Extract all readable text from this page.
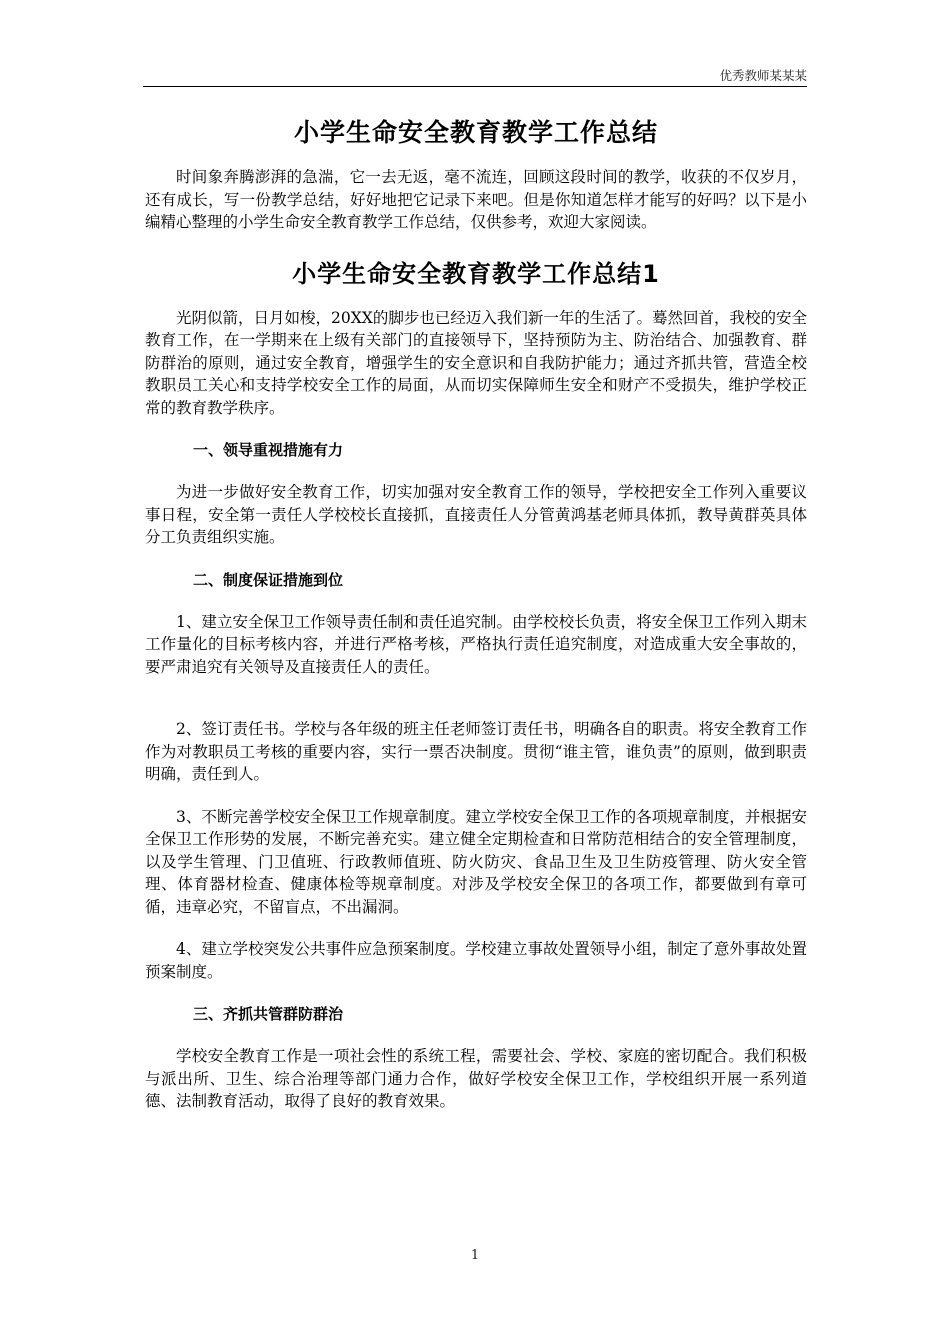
优秀教师某某某
小学生命安全教育教学工作总结

时间象奔腾澎湃的急湍，它一去无返，毫不流连，回顾这段时间的教学，收获的不仅岁月，还有成长，写一份教学总结，好好地把它记录下来吧。但是你知道怎样才能写的好吗？以下是小编精心整理的小学生命安全教育教学工作总结，仅供参考，欢迎大家阅读。

小学生命安全教育教学工作总结1

光阴似箭，日月如梭，20XX的脚步也已经迈入我们新一年的生活了。蓦然回首，我校的安全教育工作，在一学期来在上级有关部门的直接领导下，坚持预防为主、防治结合、加强教育、群防群治的原则，通过安全教育，增强学生的安全意识和自我防护能力；通过齐抓共管，营造全校教职员工关心和支持学校安全工作的局面，从而切实保障师生安全和财产不受损失，维护学校正常的教育教学秩序。

一、领导重视措施有力

为进一步做好安全教育工作，切实加强对安全教育工作的领导，学校把安全工作列入重要议事日程，安全第一责任人学校校长直接抓，直接责任人分管黄鸿基老师具体抓，教导黄群英具体分工负责组织实施。

二、制度保证措施到位

1、建立安全保卫工作领导责任制和责任追究制。由学校校长负责，将安全保卫工作列入期末工作量化的目标考核内容，并进行严格考核，严格执行责任追究制度，对造成重大安全事故的，要严肃追究有关领导及直接责任人的责任。

2、签订责任书。学校与各年级的班主任老师签订责任书，明确各自的职责。将安全教育工作作为对教职员工考核的重要内容，实行一票否决制度。贯彻“谁主管，谁负责”的原则，做到职责明确，责任到人。

3、不断完善学校安全保卫工作规章制度。建立学校安全保卫工作的各项规章制度，并根据安全保卫工作形势的发展，不断完善充实。建立健全定期检查和日常防范相结合的安全管理制度，以及学生管理、门卫值班、行政教师值班、防火防灾、食品卫生及卫生防疫管理、防火安全管理、体育器材检查、健康体检等规章制度。对涉及学校安全保卫的各项工作，都要做到有章可循，违章必究，不留盲点，不出漏洞。

4、建立学校突发公共事件应急预案制度。学校建立事故处置领导小组，制定了意外事故处置预案制度。

三、齐抓共管群防群治

学校安全教育工作是一项社会性的系统工程，需要社会、学校、家庭的密切配合。我们积极与派出所、卫生、综合治理等部门通力合作，做好学校安全保卫工作，学校组织开展一系列道德、法制教育活动，取得了良好的教育效果。

1
